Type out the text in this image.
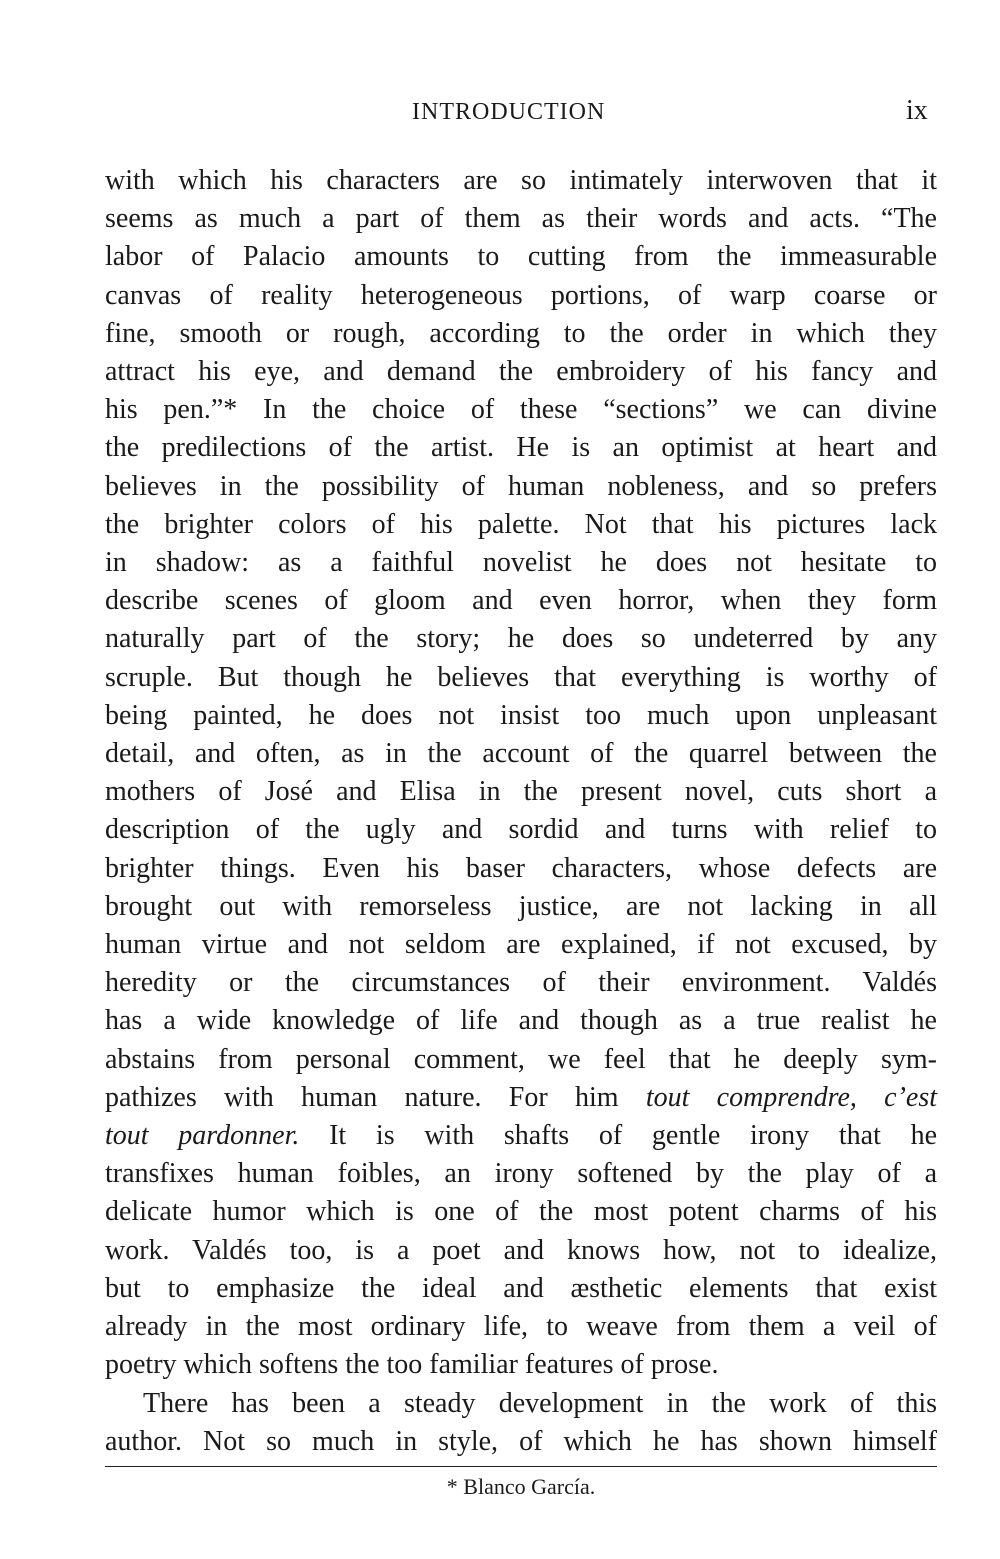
INTRODUCTION	ix
with which his characters are so intimately interwoven that it
seems as much a part of them as their words and acts. “The
labor of Palacio amounts to cutting from the immeasurable
canvas of reality heterogeneous portions, of warp coarse or
fine, smooth or rough, according to the order in which they
attract his eye, and demand the embroidery of his fancy and
his pen.”* In the choice of these “sections” we can divine
the predilections of the artist. He is an optimist at heart and
believes in the possibility of human nobleness, and so prefers
the brighter colors of his palette. Not that his pictures lack
in shadow: as a faithful novelist he does not hesitate to
describe scenes of gloom and even horror, when they form
naturally part of the story; he does so undeterred by any
scruple. But though he believes that everything is worthy of
being painted, he does not insist too much upon unpleasant
detail, and often, as in the account of the quarrel between the
mothers of José and Elisa in the present novel, cuts short a
description of the ugly and sordid and turns with relief to
brighter things. Even his baser characters, whose defects are
brought out with remorseless justice, are not lacking in all
human virtue and not seldom are explained, if not excused, by
heredity or the circumstances of their environment. Valdés
has a wide knowledge of life and though as a true realist he
abstains from personal comment, we feel that he deeply sym-
pathizes with human nature. For him tout comprendre, c’est
tout pardonner. It is with shafts of gentle irony that he
transfixes human foibles, an irony softened by the play of a
delicate humor which is one of the most potent charms of his
work. Valdés too, is a poet and knows how, not to idealize,
but to emphasize the ideal and æsthetic elements that exist
already in the most ordinary life, to weave from them a veil of
poetry which softens the too familiar features of prose.
There has been a steady development in the work of this
author. Not so much in style, of which he has shown himself
* Blanco García.
